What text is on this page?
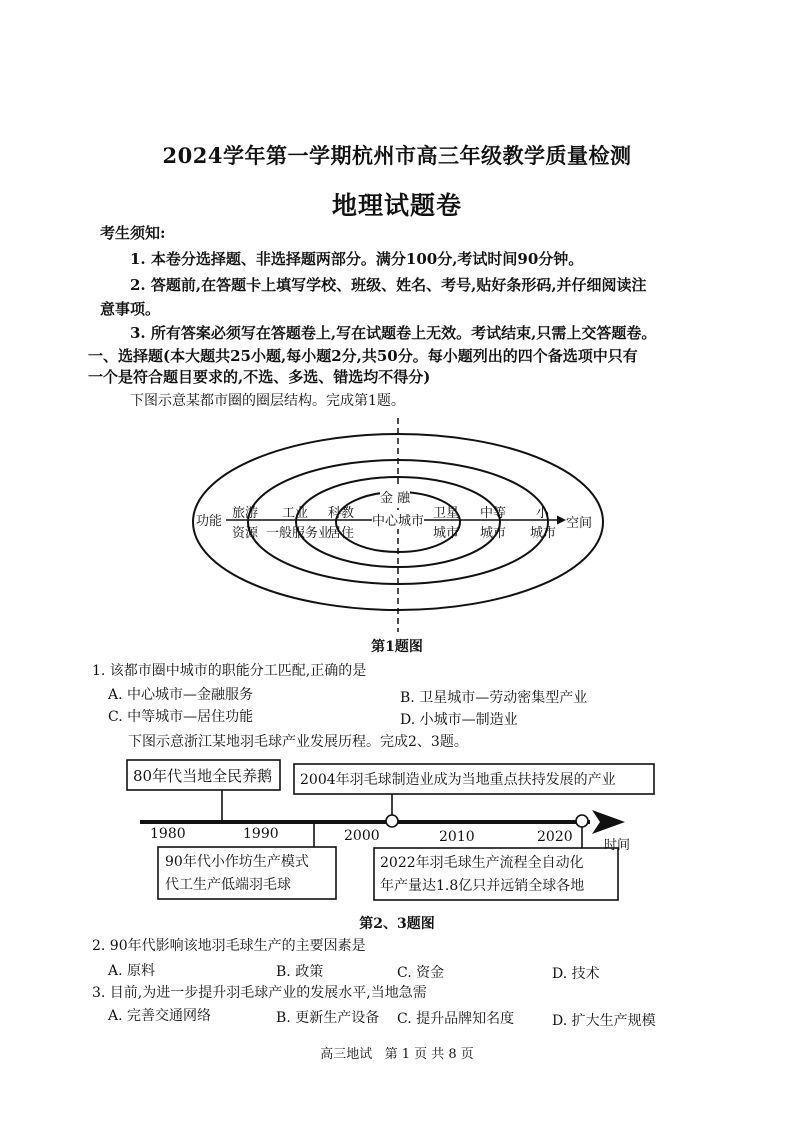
2024学年第一学期杭州市高三年级教学质量检测
地理试题卷
考生须知:
1. 本卷分选择题、非选择题两部分。满分100分,考试时间90分钟。
2. 答题前,在答题卡上填写学校、班级、姓名、考号,贴好条形码,并仔细阅读注
意事项。
3. 所有答案必须写在答题卷上,写在试题卷上无效。考试结束,只需上交答题卷。
一、选择题(本大题共25小题,每小题2分,共50分。每小题列出的四个备选项中只有
一个是符合题目要求的,不选、多选、错选均不得分)
下图示意某都市圈的圈层结构。完成第1题。
功能	空间
金 融
旅游 工业 科教
资源 一般服务业
居住
中心城市
卫星 中等 小
城市 城市 城市
第1题图
1. 该都市圈中城市的职能分工匹配,正确的是
A. 中心城市—金融服务	B. 卫星城市—劳动密集型产业
C. 中等城市—居住功能	D. 小城市—制造业
下图示意浙江某地羽毛球产业发展历程。完成2、3题。
80年代当地全民养鹅 2004年羽毛球制造业成为当地重点扶持发展的产业
90年代小作坊生产模式
代工生产低端羽毛球
2022年羽毛球生产流程全自动化
年产量达1.8亿只并远销全球各地
1980	1990	2000	2010	2020
时间
第2、3题图
2. 90年代影响该地羽毛球生产的主要因素是
A. 原料	B. 政策	C. 资金	D. 技术
3. 目前,为进一步提升羽毛球产业的发展水平,当地急需
A. 完善交通网络	B. 更新生产设备 C. 提升品牌知名度	D. 扩大生产规模
高三地试   第 1 页 共 8 页
